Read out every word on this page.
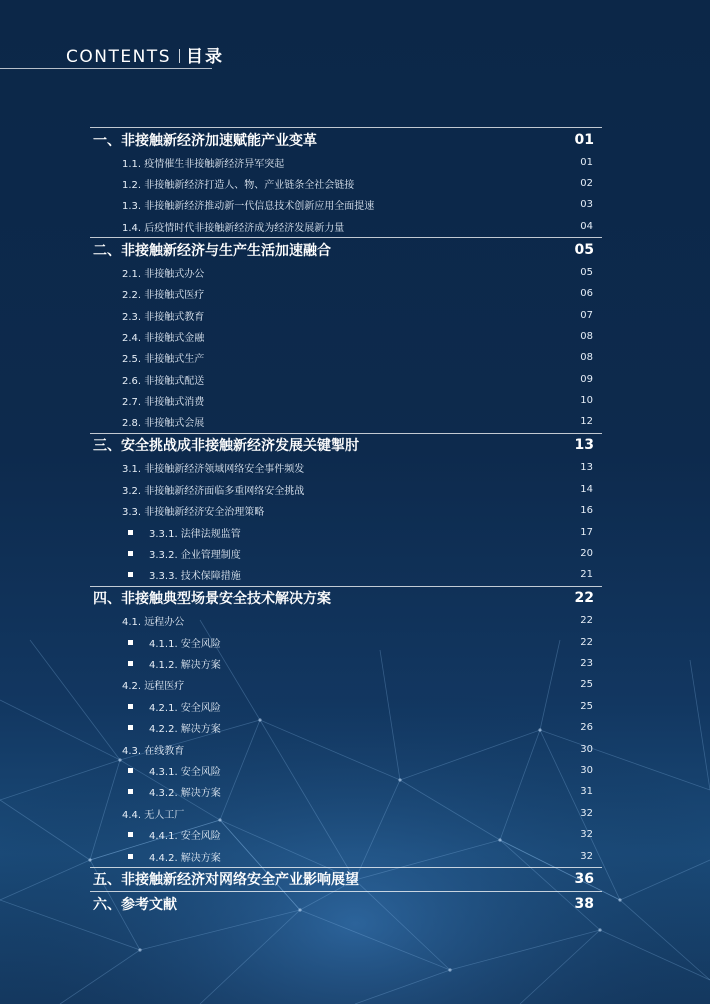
CONTENTS 目录
一、非接触新经济加速赋能产业变革	01
1.1. 疫情催生非接触新经济异军突起	01
1.2. 非接触新经济打造人、物、产业链条全社会链接	02
1.3. 非接触新经济推动新一代信息技术创新应用全面提速	03
1.4. 后疫情时代非接触新经济成为经济发展新力量	04
二、非接触新经济与生产生活加速融合	05
2.1. 非接触式办公	05
2.2. 非接触式医疗	06
2.3. 非接触式教育	07
2.4. 非接触式金融	08
2.5. 非接触式生产	08
2.6. 非接触式配送	09
2.7. 非接触式消费	10
2.8. 非接触式会展	12
三、安全挑战成非接触新经济发展关键掣肘	13
3.1. 非接触新经济领域网络安全事件频发	13
3.2. 非接触新经济面临多重网络安全挑战	14
3.3. 非接触新经济安全治理策略	16
3.3.1. 法律法规监管	17
3.3.2. 企业管理制度	20
3.3.3. 技术保障措施	21
四、非接触典型场景安全技术解决方案	22
4.1. 远程办公	22
4.1.1. 安全风险	22
4.1.2. 解决方案	23
4.2. 远程医疗	25
4.2.1. 安全风险	25
4.2.2. 解决方案	26
4.3. 在线教育	30
4.3.1. 安全风险	30
4.3.2. 解决方案	31
4.4. 无人工厂	32
4.4.1. 安全风险	32
4.4.2. 解决方案	32
五、非接触新经济对网络安全产业影响展望	36
六、参考文献	38
